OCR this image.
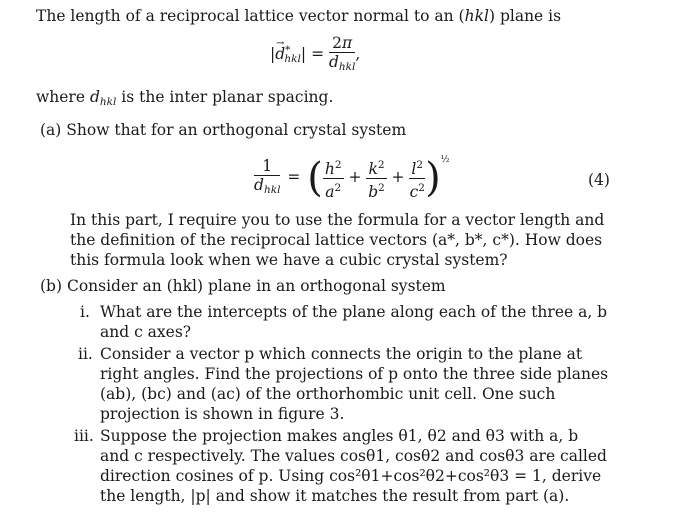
The length of a reciprocal lattice vector normal to an (hkl) plane is
|→ $d^*_{hkl}| = \frac{2\pi}{d_{hkl}}$ ,
where $d_{hkl}$ is the inter planar spacing.
(a) Show that for an orthogonal crystal system
$\frac{1}{d_{hkl}}$ = ( $\frac{h^2}{a^2} + \frac{k^2}{b^2} + \frac{l^2}{c^2} )^{\frac{1}{2}}$
(4)
In this part, I require you to use the formula for a vector length and the definition of the reciprocal lattice vectors (a*, b*, c*). How does this formula look when we have a cubic crystal system?
(b) Consider an (hkl) plane in an orthogonal system
i. What are the intercepts of the plane along each of the three a, b and c axes?
ii. Consider a vector p which connects the origin to the plane at right angles. Find the projections of p onto the three side planes (ab), (bc) and (ac) of the orthorhombic unit cell. One such projection is shown in figure 3.
iii. Suppose the projection makes angles θ1, θ2 and θ3 with a, b and c respectively. The values cosθ1, cosθ2 and cosθ3 are called direction cosines of p. Using cos²θ1+cos²θ2+cos²θ3 = 1, derive the length, |p| and show it matches the result from part (a).
